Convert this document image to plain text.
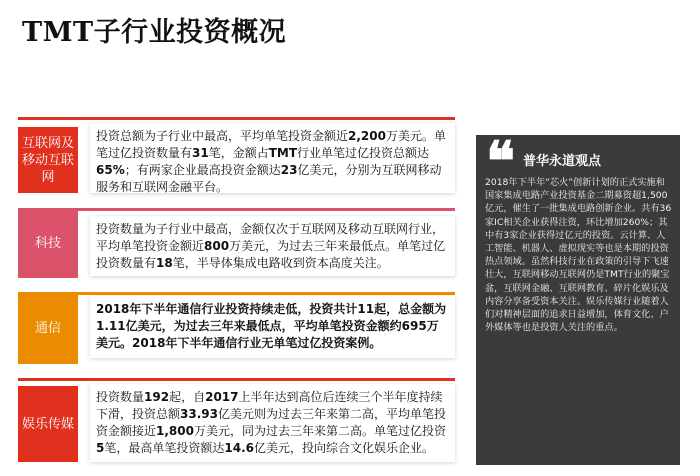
TMT子行业投资概况
互联网及
移动互联网
投资总额为子行业中最高，平均单笔投资金额近2,200万美元。单笔过亿投资数量有31笔，金额占TMT行业单笔过亿投资总额达65%；有两家企业最高投资金额达23亿美元，分别为互联网移动服务和互联网金融平台。
科技
投资数量为子行业中最高，金额仅次于互联网及移动互联网行业，平均单笔投资金额近800万美元，为过去三年来最低点。单笔过亿投资数量有18笔，半导体集成电路收到资本高度关注。
通信
2018年下半年通信行业投资持续走低，投资共计11起，总金额为1.11亿美元，为过去三年来最低点，平均单笔投资金额约695万美元。2018年下半年通信行业无单笔过亿投资案例。
娱乐传媒
投资数量192起，自2017上半年达到高位后连续三个半年度持续下滑，投资总额33.93亿美元则为过去三年来第二高，平均单笔投资金额接近1,800万美元，同为过去三年来第二高。单笔过亿投资5笔，最高单笔投资额达14.6亿美元，投向综合文化娱乐企业。
❝ 普华永道观点
2018年下半年“芯火”创新计划的正式实施和国家集成电路产业投资基金二期募资超1,500亿元，催生了一批集成电路创新企业。共有36家IC相关企业获得注资，环比增加260%；其中有3家企业获得过亿元的投资。云计算、人工智能、机器人、虚拟现实等也是本期的投资热点领域。虽然科技行业在政策的引导下飞速壮大，互联网移动互联网仍是TMT行业的聚宝盆，互联网金融、互联网教育、碎片化娱乐及内容分享备受资本关注。娱乐传媒行业随着人们对精神层面的追求日益增加，体育文化、户外媒体等也是投资人关注的重点。
